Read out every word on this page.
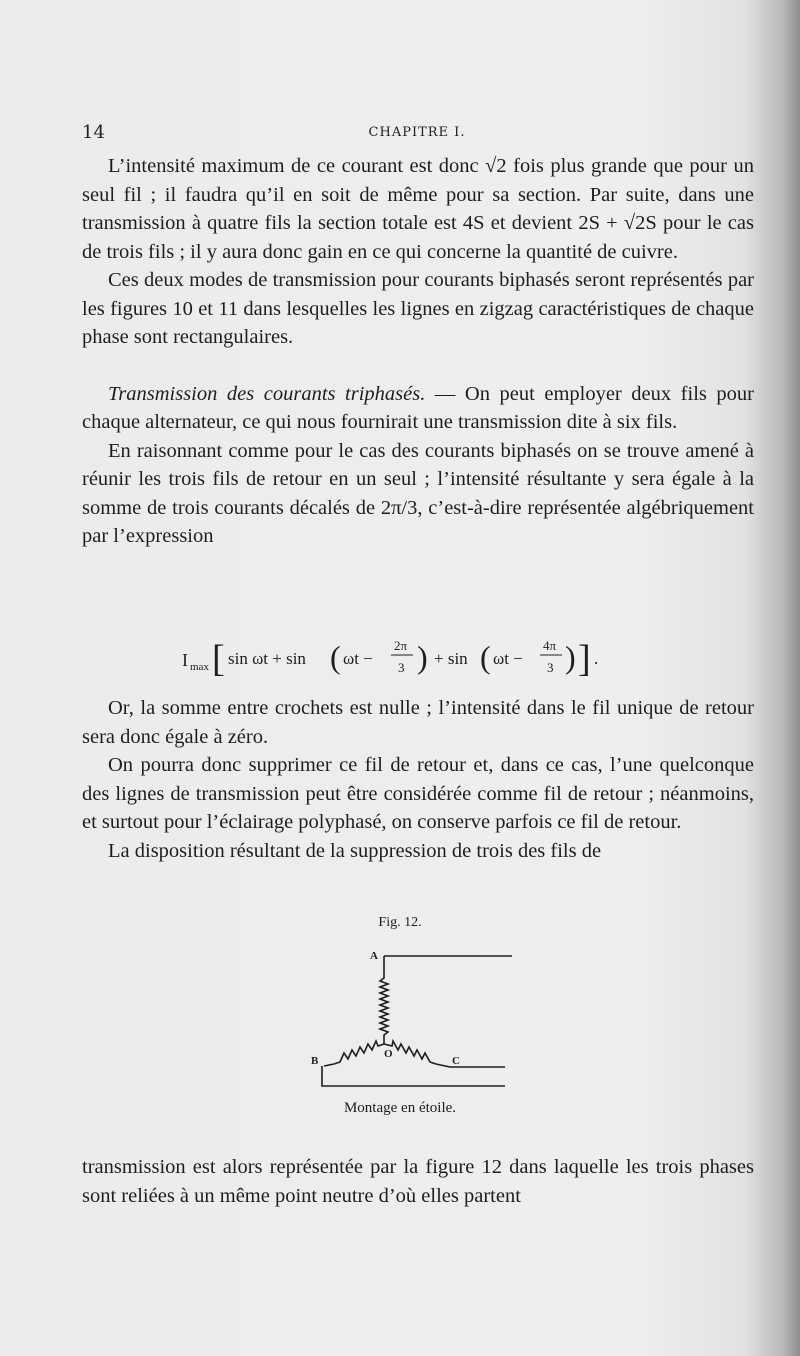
14	CHAPITRE I.

L’intensité maximum de ce courant est donc √2 fois plus grande que pour un seul fil ; il faudra qu’il en soit de même pour sa section. Par suite, dans une transmission à quatre fils la section totale est 4S et devient 2S + √2S pour le cas de trois fils ; il y aura donc gain en ce qui concerne la quantité de cuivre.

Ces deux modes de transmission pour courants biphasés seront représentés par les figures 10 et 11 dans lesquelles les lignes en zigzag caractéristiques de chaque phase sont rectangulaires.

Transmission des courants triphasés. — On peut employer deux fils pour chaque alternateur, ce qui nous fournirait une transmission dite à six fils.

En raisonnant comme pour le cas des courants biphasés on se trouve amené à réunir les trois fils de retour en un seul ; l’intensité résultante y sera égale à la somme de trois courants décalés de 2π/3, c’est-à-dire représentée algébriquement par l’expression

I max [ sin ωt + sin ( ωt −
2π
3 ) + sin ( ωt −
4π
3 ) ] .

Or, la somme entre crochets est nulle ; l’intensité dans le fil unique de retour sera donc égale à zéro.

On pourra donc supprimer ce fil de retour et, dans ce cas, l’une quelconque des lignes de transmission peut être considérée comme fil de retour ; néanmoins, et surtout pour l’éclairage polyphasé, on conserve parfois ce fil de retour.

La disposition résultant de la suppression de trois des fils de

Fig. 12.
A
B
O
C
Montage en étoile.

transmission est alors représentée par la figure 12 dans laquelle les trois phases sont reliées à un même point neutre d’où elles partent
